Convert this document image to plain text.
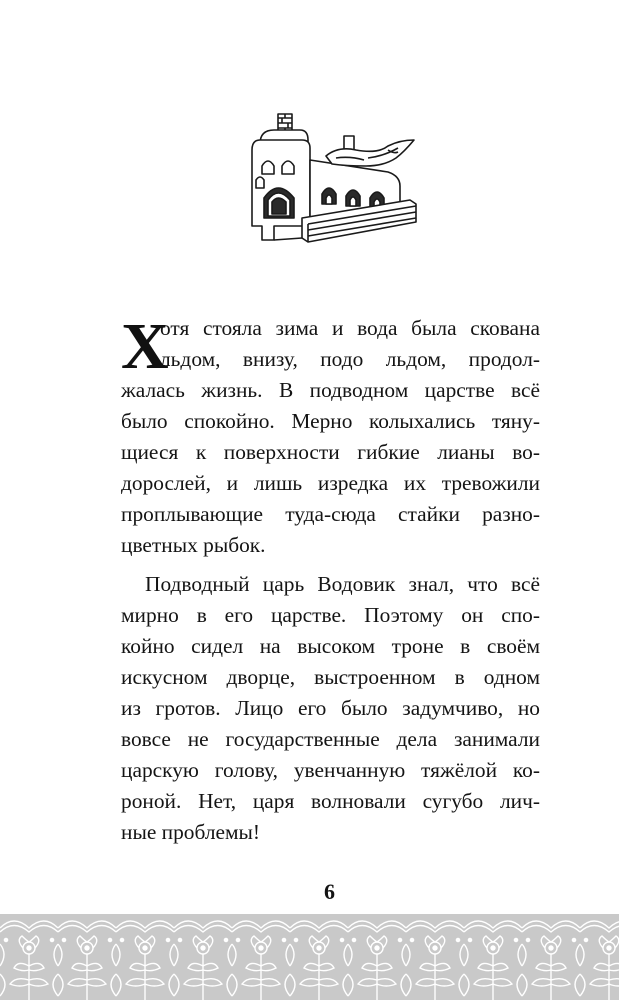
Х
отя стояла зима и вода была скована
льдом, внизу, подо льдом, продол-
жалась жизнь. В подводном царстве всё
было спокойно. Мерно колыхались тяну-
щиеся к поверхности гибкие лианы во-
дорослей, и лишь изредка их тревожили
проплывающие туда-сюда стайки разно-
цветных рыбок.
Подводный царь Водовик знал, что всё
мирно в его царстве. Поэтому он спо-
койно сидел на высоком троне в своём
искусном дворце, выстроенном в одном
из гротов. Лицо его было задумчиво, но
вовсе не государственные дела занимали
царскую голову, увенчанную тяжёлой ко-
роной. Нет, царя волновали сугубо лич-
ные проблемы!
6
